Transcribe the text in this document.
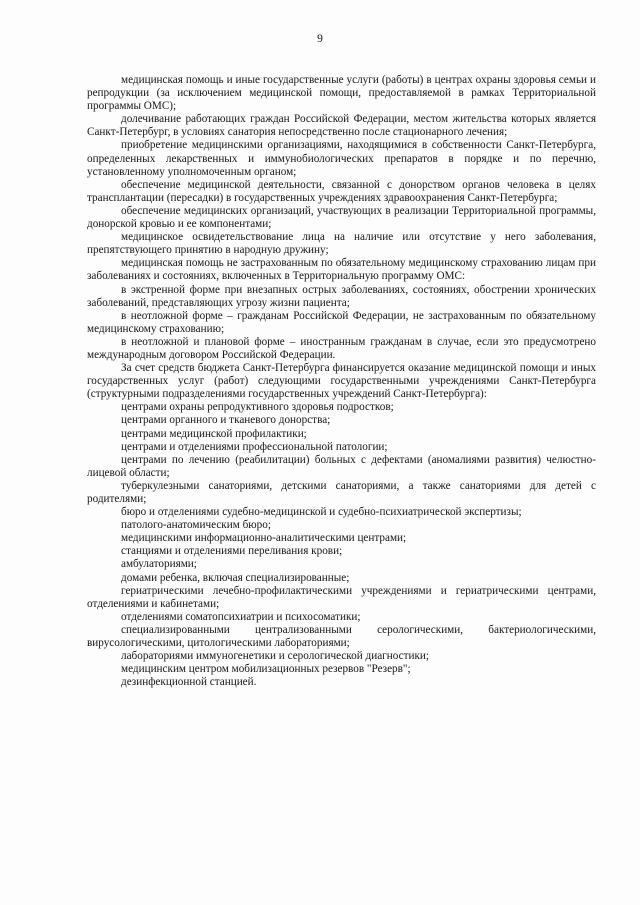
9

медицинская помощь и иные государственные услуги (работы) в центрах охраны здоровья семьи и репродукции (за исключением медицинской помощи, предоставляемой в рамках Территориальной программы ОМС);

долечивание работающих граждан Российской Федерации, местом жительства которых является Санкт-Петербург, в условиях санатория непосредственно после стационарного лечения;

приобретение медицинскими организациями, находящимися в собственности Санкт-Петербурга, определенных лекарственных и иммунобиологических препаратов в порядке и по перечню, установленному уполномоченным органом;

обеспечение медицинской деятельности, связанной с донорством органов человека в целях трансплантации (пересадки) в государственных учреждениях здравоохранения Санкт-Петербурга;

обеспечение медицинских организаций, участвующих в реализации Территориальной программы, донорской кровью и ее компонентами;

медицинское освидетельствование лица на наличие или отсутствие у него заболевания, препятствующего принятию в народную дружину;

медицинская помощь не застрахованным по обязательному медицинскому страхованию лицам при заболеваниях и состояниях, включенных в Территориальную программу ОМС:

в экстренной форме при внезапных острых заболеваниях, состояниях, обострении хронических заболеваний, представляющих угрозу жизни пациента;

в неотложной форме – гражданам Российской Федерации, не застрахованным по обязательному медицинскому страхованию;

в неотложной и плановой форме – иностранным гражданам в случае, если это предусмотрено международным договором Российской Федерации.

За счет средств бюджета Санкт-Петербурга финансируется оказание медицинской помощи и иных государственных услуг (работ) следующими государственными учреждениями Санкт-Петербурга (структурными подразделениями государственных учреждений Санкт-Петербурга):

центрами охраны репродуктивного здоровья подростков;

центрами органного и тканевого донорства;

центрами медицинской профилактики;

центрами и отделениями профессиональной патологии;

центрами по лечению (реабилитации) больных с дефектами (аномалиями развития) челюстно-лицевой области;

туберкулезными санаториями, детскими санаториями, а также санаториями для детей с родителями;

бюро и отделениями судебно-медицинской и судебно-психиатрической экспертизы;

патолого-анатомическим бюро;

медицинскими информационно-аналитическими центрами;

станциями и отделениями переливания крови;

амбулаториями;

домами ребенка, включая специализированные;

гериатрическими лечебно-профилактическими учреждениями и гериатрическими центрами, отделениями и кабинетами;

отделениями соматопсихиатрии и психосоматики;

специализированными централизованными серологическими, бактериологическими, вирусологическими, цитологическими лабораториями;

лабораториями иммуногенетики и серологической диагностики;

медицинским центром мобилизационных резервов "Резерв";

дезинфекционной станцией.
